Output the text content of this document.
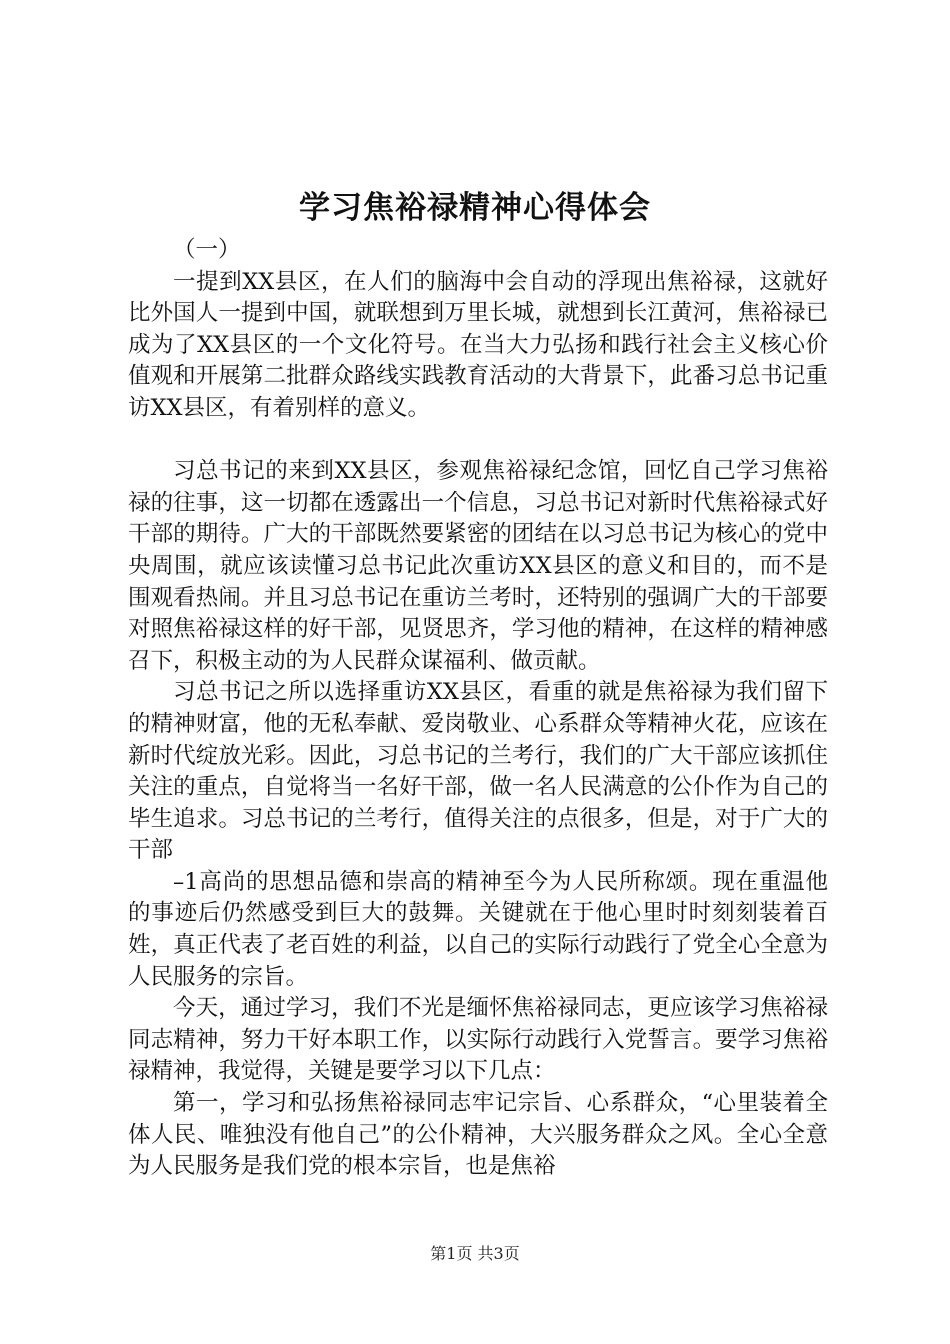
学习焦裕禄精神心得体会

（一）

一提到XX县区，在人们的脑海中会自动的浮现出焦裕禄，这就好比外国人一提到中国，就联想到万里长城，就想到长江黄河，焦裕禄已成为了XX县区的一个文化符号。在当大力弘扬和践行社会主义核心价值观和开展第二批群众路线实践教育活动的大背景下，此番习总书记重访XX县区，有着别样的意义。

习总书记的来到XX县区，参观焦裕禄纪念馆，回忆自己学习焦裕禄的往事，这一切都在透露出一个信息，习总书记对新时代焦裕禄式好干部的期待。广大的干部既然要紧密的团结在以习总书记为核心的党中央周围，就应该读懂习总书记此次重访XX县区的意义和目的，而不是围观看热闹。并且习总书记在重访兰考时，还特别的强调广大的干部要对照焦裕禄这样的好干部，见贤思齐，学习他的精神，在这样的精神感召下，积极主动的为人民群众谋福利、做贡献。

习总书记之所以选择重访XX县区，看重的就是焦裕禄为我们留下的精神财富，他的无私奉献、爱岗敬业、心系群众等精神火花，应该在新时代绽放光彩。因此，习总书记的兰考行，我们的广大干部应该抓住关注的重点，自觉将当一名好干部，做一名人民满意的公仆作为自己的毕生追求。习总书记的兰考行，值得关注的点很多，但是，对于广大的干部

–1高尚的思想品德和崇高的精神至今为人民所称颂。现在重温他的事迹后仍然感受到巨大的鼓舞。关键就在于他心里时时刻刻装着百姓，真正代表了老百姓的利益，以自己的实际行动践行了党全心全意为人民服务的宗旨。

今天，通过学习，我们不光是缅怀焦裕禄同志，更应该学习焦裕禄同志精神，努力干好本职工作，以实际行动践行入党誓言。要学习焦裕禄精神，我觉得，关键是要学习以下几点：

第一，学习和弘扬焦裕禄同志牢记宗旨、心系群众，“心里装着全体人民、唯独没有他自己”的公仆精神，大兴服务群众之风。全心全意为人民服务是我们党的根本宗旨，也是焦裕

第1页 共3页
